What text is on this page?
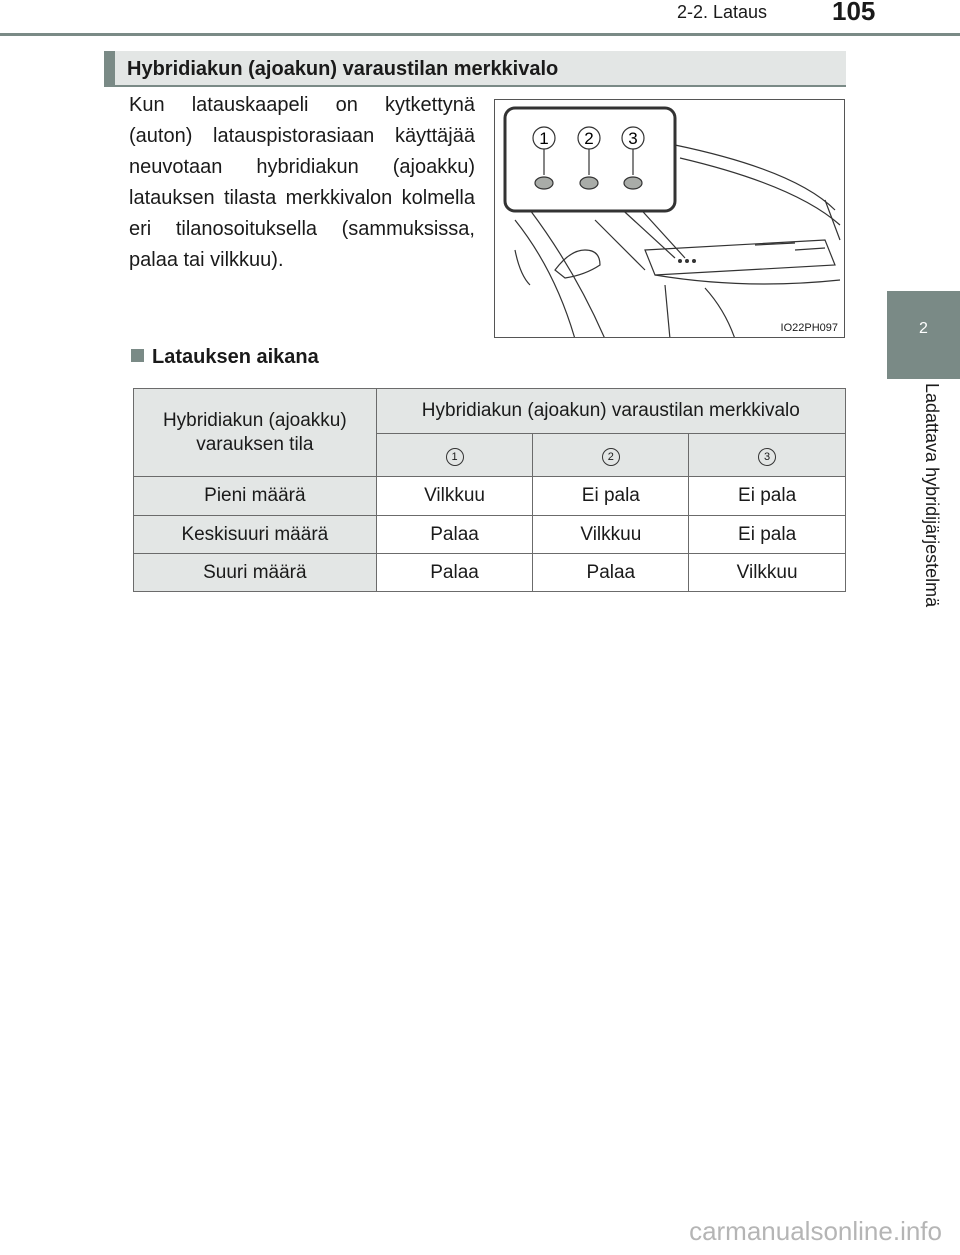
2-2. Lataus 105
2
Ladattava hybridijärjestelmä
Hybridiakun (ajoakun) varaustilan merkkivalo
Kun latauskaapeli on kytkettynä (auton) latauspistorasiaan käyttäjää neuvotaan hybridiakun (ajoakku) latauksen tilasta merkkivalon kolmella eri tilanosoituksella (sammuksissa, palaa tai vilkkuu).
1 2 3
IO22PH097
Latauksen aikana
Hybridiakun (ajoakku) varauksen tila	Hybridiakun (ajoakun) varaustilan merkkivalo		
	1	2	3
Pieni määrä	Vilkkuu	Ei pala	Ei pala
Keskisuuri määrä	Palaa	Vilkkuu	Ei pala
Suuri määrä	Palaa	Palaa	Vilkkuu
carmanualsonline.info
